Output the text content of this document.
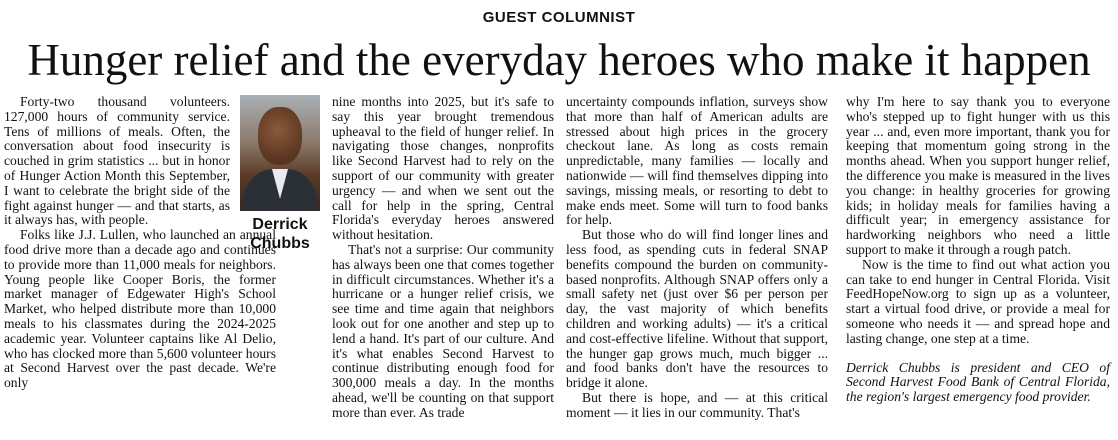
GUEST COLUMNIST
Hunger relief and the everyday heroes who make it happen

Forty-two thousand volunteers. 127,000 hours of community service. Tens of millions of meals. Often, the conversation about food insecurity is couched in grim statistics ... but in honor of Hunger Action Month this September, I want to celebrate the bright side of the fight against hunger — and that starts, as it always has, with people.

Folks like J.J. Lullen, who launched an annual food drive more than a decade ago and continues to provide more than 11,000 meals for neighbors. Young people like Cooper Boris, the former market manager of Edgewater High's School Market, who helped distribute more than 10,000 meals to his classmates during the 2024-2025 academic year. Volunteer captains like Al Delio, who has clocked more than 5,600 volunteer hours at Second Harvest over the past decade. We're only

Derrick
Chubbs

nine months into 2025, but it's safe to say this year brought tremendous upheaval to the field of hunger relief. In navigating those changes, nonprofits like Second Harvest had to rely on the support of our community with greater urgency — and when we sent out the call for help in the spring, Central Florida's everyday heroes answered without hesitation.

That's not a surprise: Our community has always been one that comes together in difficult circumstances. Whether it's a hurricane or a hunger relief crisis, we see time and time again that neighbors look out for one another and step up to lend a hand. It's part of our culture. And it's what enables Second Harvest to continue distributing enough food for 300,000 meals a day. In the months ahead, we'll be counting on that support more than ever. As trade

uncertainty compounds inflation, surveys show that more than half of American adults are stressed about high prices in the grocery checkout lane. As long as costs remain unpredictable, many families — locally and nationwide — will find themselves dipping into savings, missing meals, or resorting to debt to make ends meet. Some will turn to food banks for help.

But those who do will find longer lines and less food, as spending cuts in federal SNAP benefits compound the burden on community-based nonprofits. Although SNAP offers only a small safety net (just over $6 per person per day, the vast majority of which benefits children and working adults) — it's a critical and cost-effective lifeline. Without that support, the hunger gap grows much, much bigger ... and food banks don't have the resources to bridge it alone.

But there is hope, and — at this critical moment — it lies in our community. That's

why I'm here to say thank you to everyone who's stepped up to fight hunger with us this year ... and, even more important, thank you for keeping that momentum going strong in the months ahead. When you support hunger relief, the difference you make is measured in the lives you change: in healthy groceries for growing kids; in holiday meals for families having a difficult year; in emergency assistance for hardworking neighbors who need a little support to make it through a rough patch.

Now is the time to find out what action you can take to end hunger in Central Florida. Visit FeedHopeNow.org to sign up as a volunteer, start a virtual food drive, or provide a meal for someone who needs it — and spread hope and lasting change, one step at a time.

Derrick Chubbs is president and CEO of Second Harvest Food Bank of Central Florida, the region's largest emergency food provider.
